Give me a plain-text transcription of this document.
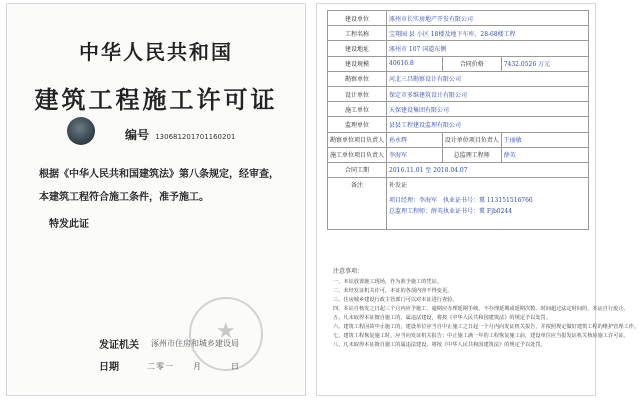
中华人民共和国
建筑工程施工许可证
编号 130681201701160201
根据《中华人民共和国建筑法》第八条规定，经审查，
本建筑工程符合施工条件，准予施工。
特发此证
★
发证机关 涿州市住房和城乡建设局
日期	二零一 月	日
建设单位	涿州市长实房地产开发有限公司		
工程名称	宝翔园 县 小区 18楼及地下车库、28-68楼工程		
建设地址	涿州市 107 国道东侧		
建设规模	40616.8	合同价格	7432.0526 万元
勘察单位	河北三昌勘察设计有限公司		
设计单位	保定市多维建筑设计有限公司		
施工单位	天保建设集团有限公司		
监理单位	县县工程建设监理有限公司		
勘察单位项目负责人	孙永辉	设计单位项目负责人	王丽敏
施工单位项目负责人	李海军	总监理工程师	薛英
合同工期	2016.11.01 至 2018.04.07		
备注	补发证
项目经理：李海军　执业证书号：冀 113151516766
总监理工程师：薛英执业证书号：冀 Fjb0244		
注意事项：
一、本证放置施工现场，作为准予施工的凭证。
二、未经发证机关许可，本证的各项内容不得变更。
三、住房城乡建设行政主管部门可以对本证进行查验。
四、本证自核发之日起三个月内应予施工，逾期应办理延期手续，不办理延期或延期次数、时间超过法定时间的，本证自行废止。
五、凡未取得本证擅自施工的，属违法建设，将按《中华人民共和国建筑法》的规定予以处罚。
六、建筑工程因故中止施工的，建设单位应当自中止施工之日起一个月内向发证机关报告，并按照规定做好建筑工程的维护管理工作。
七、建筑工程恢复施工时，应当向发证机关报告；中止施工满一年的工程恢复施工前，建设单位应当报发证机关核验施工许可证。
八、凡未取得本证擅自施工的属违法建设，将按《中华人民共和国建筑法》的规定予以处罚。
